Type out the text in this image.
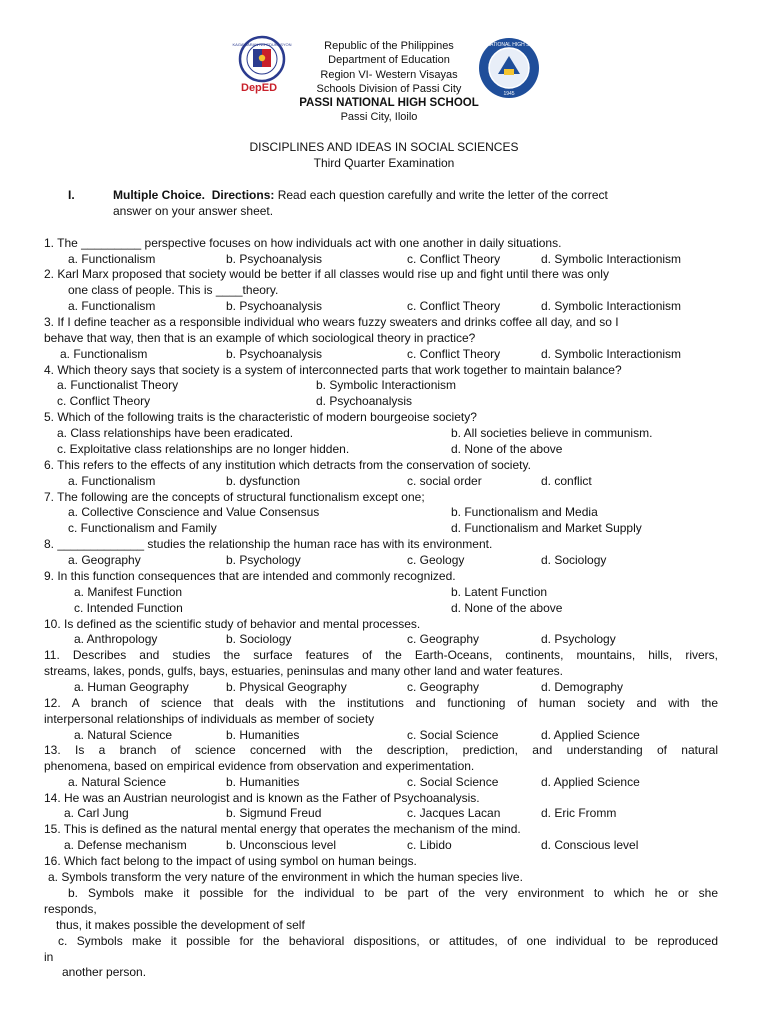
KAGAWARAN NG EDUKASYON
DepED
Republic of the Philippines
Department of Education
Region VI- Western Visayas
Schools Division of Passi City
PASSI NATIONAL HIGH SCHOOL
Passi City, Iloilo
PASSI NATIONAL HIGH SCHOOL
1945
DISCIPLINES AND IDEAS IN SOCIAL SCIENCES
Third Quarter Examination
I.	Multiple Choice. Directions: Read each question carefully and write the letter of the correct
answer on your answer sheet.
1. The _________ perspective focuses on how individuals act with one another in daily situations.
a. Functionalism	b. Psychoanalysis	c. Conflict Theory	d. Symbolic Interactionism
2. Karl Marx proposed that society would be better if all classes would rise up and fight until there was only
one class of people. This is ____theory.
a. Functionalism	b. Psychoanalysis	c. Conflict Theory	d. Symbolic Interactionism
3. If I define teacher as a responsible individual who wears fuzzy sweaters and drinks coffee all day, and so I
behave that way, then that is an example of which sociological theory in practice?
a. Functionalism	b. Psychoanalysis	c. Conflict Theory	d. Symbolic Interactionism
4. Which theory says that society is a system of interconnected parts that work together to maintain balance?
a. Functionalist Theory	b. Symbolic Interactionism
c. Conflict Theory	d. Psychoanalysis
5. Which of the following traits is the characteristic of modern bourgeoise society?
a. Class relationships have been eradicated.	b. All societies believe in communism.
c. Exploitative class relationships are no longer hidden.	d. None of the above
6. This refers to the effects of any institution which detracts from the conservation of society.
a. Functionalism	b. dysfunction	c. social order	d. conflict
7. The following are the concepts of structural functionalism except one;
a. Collective Conscience and Value Consensus	b. Functionalism and Media
c. Functionalism and Family	d. Functionalism and Market Supply
8. _____________ studies the relationship the human race has with its environment.
a. Geography	b. Psychology	c. Geology	d. Sociology
9. In this function consequences that are intended and commonly recognized.
a. Manifest Function	b. Latent Function
c. Intended Function	d. None of the above
10. Is defined as the scientific study of behavior and mental processes.
a. Anthropology	b. Sociology	c. Geography	d. Psychology
11. Describes and studies the surface features of the Earth-Oceans, continents, mountains, hills, rivers,
streams, lakes, ponds, gulfs, bays, estuaries, peninsulas and many other land and water features.
a. Human Geography	b. Physical Geography	c. Geography	d. Demography
12. A branch of science that deals with the institutions and functioning of human society and with the
interpersonal relationships of individuals as member of society
a. Natural Science	b. Humanities	c. Social Science	d. Applied Science
13. Is a branch of science concerned with the description, prediction, and understanding of natural
phenomena, based on empirical evidence from observation and experimentation.
a. Natural Science	b. Humanities	c. Social Science	d. Applied Science
14. He was an Austrian neurologist and is known as the Father of Psychoanalysis.
a. Carl Jung	b. Sigmund Freud	c. Jacques Lacan	d. Eric Fromm
15. This is defined as the natural mental energy that operates the mechanism of the mind.
a. Defense mechanism	b. Unconscious level	c. Libido	d. Conscious level
16. Which fact belong to the impact of using symbol on human beings.
a. Symbols transform the very nature of the environment in which the human species live.
b. Symbols make it possible for the individual to be part of the very environment to which he or she
responds,
thus, it makes possible the development of self
c. Symbols make it possible for the behavioral dispositions, or attitudes, of one individual to be reproduced
in
another person.
